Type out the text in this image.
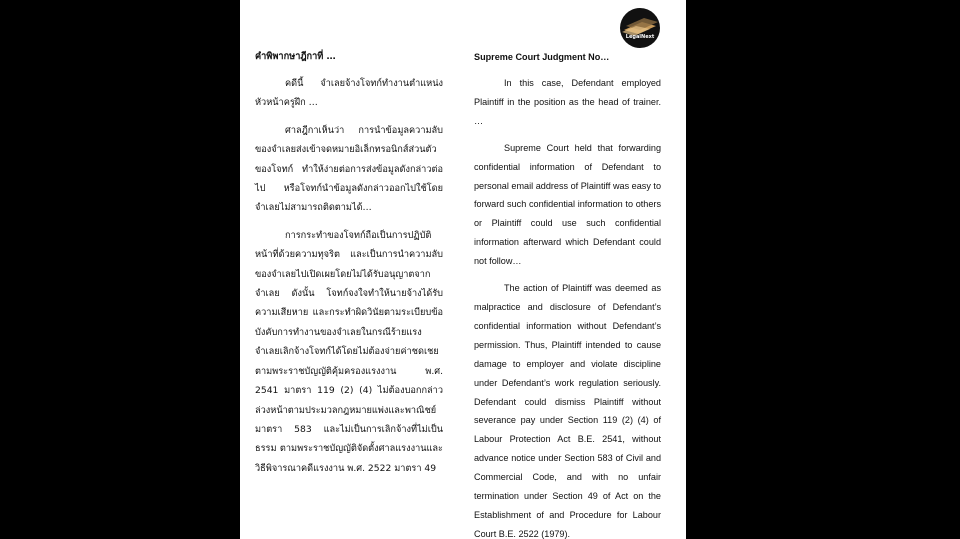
LegalNext

คำพิพากษาฎีกาที่ …

คดีนี้ จำเลยจ้างโจทก์ทำงานตำแหน่งหัวหน้าครูฝึก …

ศาลฎีกาเห็นว่า การนำข้อมูลความลับของจำเลยส่งเข้าจดหมายอิเล็กทรอนิกส์ส่วนตัวของโจทก์ ทำให้ง่ายต่อการส่งข้อมูลดังกล่าวต่อไป หรือโจทก์นำข้อมูลดังกล่าวออกไปใช้โดยจำเลยไม่สามารถติดตามได้…

การกระทำของโจทก์ถือเป็นการปฏิบัติหน้าที่ด้วยความทุจริต และเป็นการนำความลับของจำเลยไปเปิดเผยโดยไม่ได้รับอนุญาตจากจำเลย ดังนั้น โจทก์จงใจทำให้นายจ้างได้รับความเสียหาย และกระทำผิดวินัยตามระเบียบข้อบังคับการทำงานของจำเลยในกรณีร้ายแรง จำเลยเลิกจ้างโจทก์ได้โดยไม่ต้องจ่ายค่าชดเชย ตามพระราชบัญญัติคุ้มครองแรงงาน พ.ศ. 2541 มาตรา 119 (2) (4) ไม่ต้องบอกกล่าวล่วงหน้าตามประมวลกฎหมายแพ่งและพาณิชย์ มาตรา 583 และไม่เป็นการเลิกจ้างที่ไม่เป็นธรรม ตามพระราชบัญญัติจัดตั้งศาลแรงงานและวิธีพิจารณาคดีแรงงาน พ.ศ. 2522 มาตรา 49

Supreme Court Judgment No…

In this case, Defendant employed Plaintiff in the position as the head of trainer. …

Supreme Court held that forwarding confidential information of Defendant to personal email address of Plaintiff was easy to forward such confidential information to others or Plaintiff could use such confidential information afterward which Defendant could not follow…

The action of Plaintiff was deemed as malpractice and disclosure of Defendant’s confidential information without Defendant’s permission. Thus, Plaintiff intended to cause damage to employer and violate discipline under Defendant’s work regulation seriously. Defendant could dismiss Plaintiff without severance pay under Section 119 (2) (4) of Labour Protection Act B.E. 2541, without advance notice under Section 583 of Civil and Commercial Code, and with no unfair termination under Section 49 of Act on the Establishment of and Procedure for Labour Court B.E. 2522 (1979).
